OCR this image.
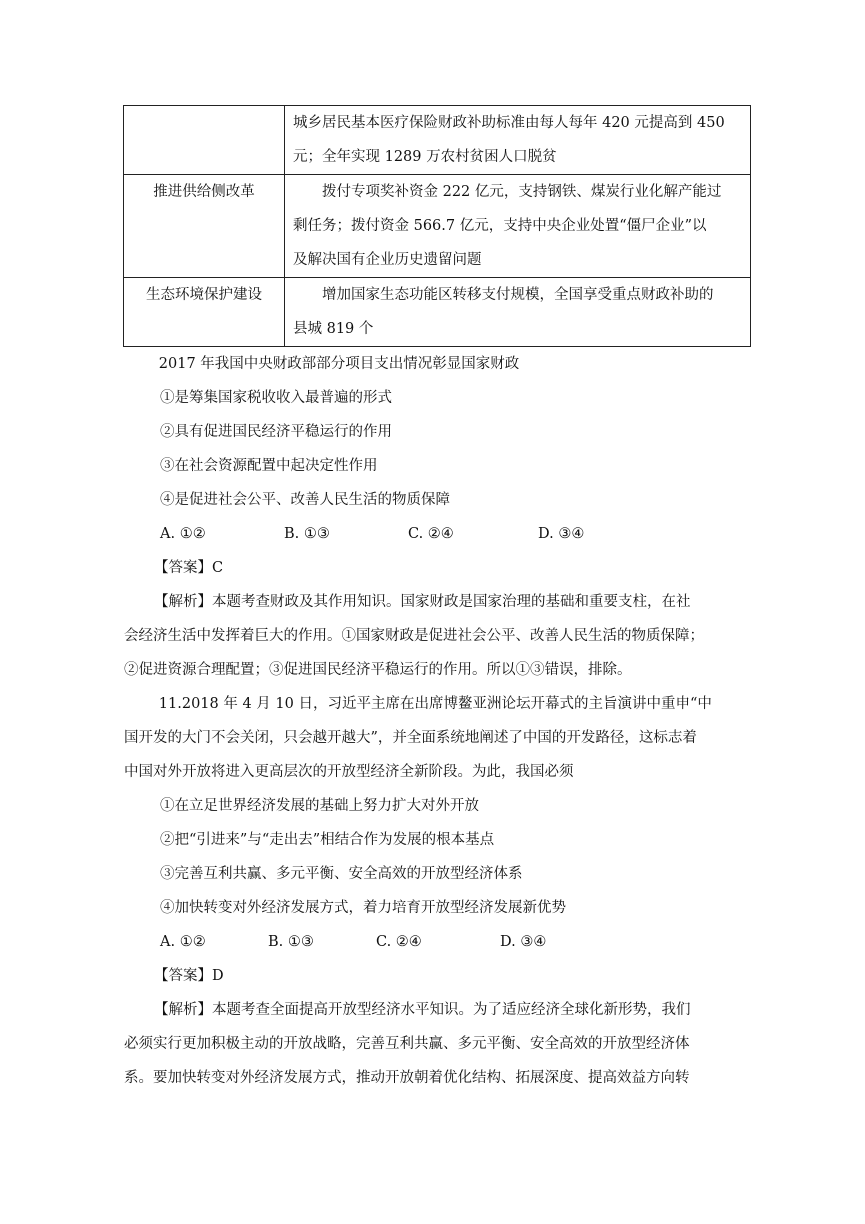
	城乡居民基本医疗保险财政补助标准由每人每年 420 元提高到 450
元；全年实现 1289 万农村贫困人口脱贫

推进供给侧改革	拨付专项奖补资金 222 亿元，支持钢铁、煤炭行业化解产能过
剩任务；拨付资金 566.7 亿元，支持中央企业处置“僵尸企业”以
及解决国有企业历史遗留问题

生态环境保护建设	增加国家生态功能区转移支付规模，全国享受重点财政补助的
县城 819 个

2017 年我国中央财政部部分项目支出情况彰显国家财政

①是筹集国家税收收入最普遍的形式

②具有促进国民经济平稳运行的作用

③在社会资源配置中起决定性作用

④是促进社会公平、改善人民生活的物质保障

A. ①②	B. ①③	C. ②④	D. ③④

【答案】C

【解析】本题考查财政及其作用知识。国家财政是国家治理的基础和重要支柱，在社

会经济生活中发挥着巨大的作用。①国家财政是促进社会公平、改善人民生活的物质保障；

②促进资源合理配置；③促进国民经济平稳运行的作用。所以①③错误，排除。

11.2018 年 4 月 10 日，习近平主席在出席博鳌亚洲论坛开幕式的主旨演讲中重申“中

国开发的大门不会关闭，只会越开越大”，并全面系统地阐述了中国的开发路径，这标志着

中国对外开放将进入更高层次的开放型经济全新阶段。为此，我国必须

①在立足世界经济发展的基础上努力扩大对外开放

②把“引进来”与“走出去”相结合作为发展的根本基点

③完善互利共赢、多元平衡、安全高效的开放型经济体系

④加快转变对外经济发展方式，着力培育开放型经济发展新优势

A. ①②	B. ①③	C. ②④	D. ③④

【答案】D

【解析】本题考查全面提高开放型经济水平知识。为了适应经济全球化新形势，我们

必须实行更加积极主动的开放战略，完善互利共赢、多元平衡、安全高效的开放型经济体

系。要加快转变对外经济发展方式，推动开放朝着优化结构、拓展深度、提高效益方向转
